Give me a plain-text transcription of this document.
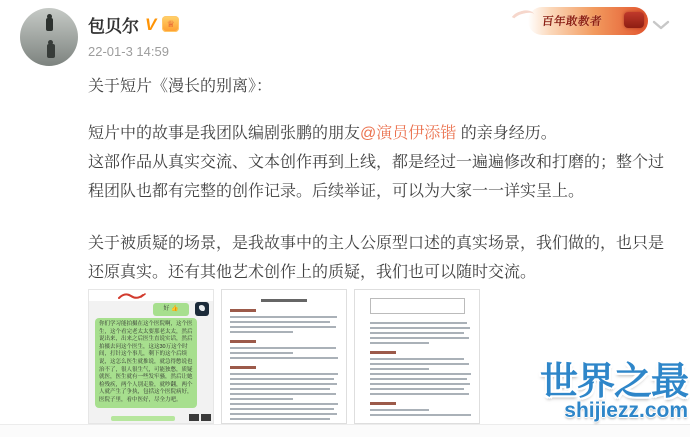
包贝尔 V	♕
22-01-3 14:59
百年敢教者
关于短片《漫长的别离》：
短片中的故事是我团队编剧张鹏的朋友@演员伊添锴 的亲身经历。
这部作品从真实交流、文本创作再到上线，都是经过一遍遍修改和打磨的；整个过程团队也都有完整的创作记录。后续举证，可以为大家一一详实呈上。
关于被质疑的场景，是我故事中的主人公原型口述的真实场景，我们做的，也只是还原真实。还有其他艺术创作上的质疑，我们也可以随时交流。
好 👍
你们学习能拍摄在这个医院啊，这个医生，这个看完老太太要那老太太，然后说出来，出来之后医生直说实话，然后拍摄去问这个医生，这这30万这个时间，打针这个事儿，剩下的这个后续说，这怎么医生就推说，就急得憋说也治不了，很人很生气，可能独憋，质疑就医，医生就有一些发牢骚，然后让她检残疾，两个人别走脸，就吵翻，两个人就产生了争执，包括这个医院病好，医院子里，看中医好，尽全力吧。	世界之最
shijiezz.com
